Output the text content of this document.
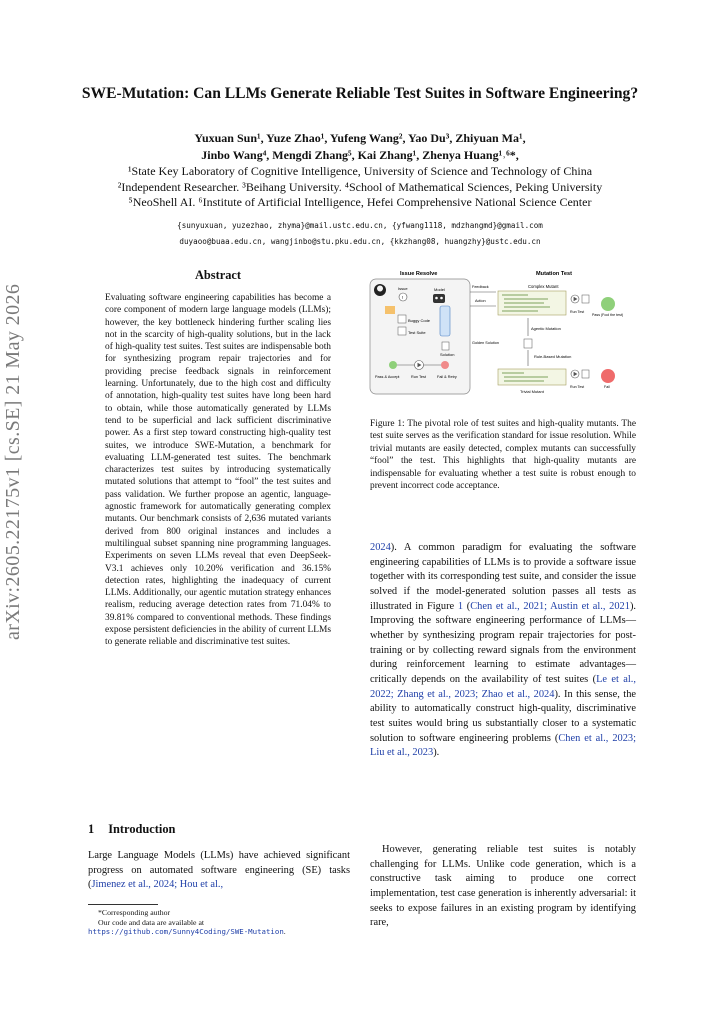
arXiv:2605.22175v1 [cs.SE] 21 May 2026
SWE-Mutation: Can LLMs Generate Reliable Test Suites in Software Engineering?
Yuxuan Sun¹, Yuze Zhao¹, Yufeng Wang², Yao Du³, Zhiyuan Ma¹,
Jinbo Wang⁴, Mengdi Zhang⁵, Kai Zhang¹, Zhenya Huang¹˒⁶*,
¹State Key Laboratory of Cognitive Intelligence, University of Science and Technology of China
²Independent Researcher. ³Beihang University. ⁴School of Mathematical Sciences, Peking University
⁵NeoShell AI. ⁶Institute of Artificial Intelligence, Hefei Comprehensive National Science Center
{sunyuxuan, yuzezhao, zhyma}@mail.ustc.edu.cn, {yfwang1118, mdzhangmd}@gmail.com
duyaoo@buaa.edu.cn, wangjinbo@stu.pku.edu.cn, {kkzhang08, huangzhy}@ustc.edu.cn
Abstract
Evaluating software engineering capabilities has become a core component of modern large language models (LLMs); however, the key bottleneck hindering further scaling lies not in the scarcity of high-quality solutions, but in the lack of high-quality test suites. Test suites are indispensable both for synthesizing program repair trajectories and for providing precise feedback signals in reinforcement learning. Unfortunately, due to the high cost and difficulty of annotation, high-quality test suites have long been hard to obtain, while those automatically generated by LLMs tend to be superficial and lack sufficient discriminative power. As a first step toward constructing high-quality test suites, we introduce SWE-Mutation, a benchmark for evaluating LLM-generated test suites. The benchmark characterizes test suites by introducing systematically mutated solutions that attempt to “fool” the test suites and pass validation. We further propose an agentic, language-agnostic framework for automatically generating complex mutants. Our benchmark consists of 2,636 mutated variants derived from 800 original instances and includes a multilingual subset spanning nine programming languages. Experiments on seven LLMs reveal that even DeepSeek-V3.1 achieves only 10.20% verification and 36.15% detection rates, highlighting the inadequacy of current LLMs. Additionally, our agentic mutation strategy enhances realism, reducing average detection rates from 71.04% to 39.81% compared to conventional methods. These findings expose persistent deficiencies in the ability of current LLMs to generate reliable and discriminative test suites.
1 Introduction
Large Language Models (LLMs) have achieved significant progress on automated software engineering (SE) tasks (Jimenez et al., 2024; Hou et al.,
*Corresponding author
Our code and data are available at https://github.com/Sunny4Coding/SWE-Mutation.
Issue Resolve	Mutation Test
!
Issue	Model
Buggy Code
Test Suite
Solution
Pass & Accept	Run Test	Fail & Retry
Feedback
Action
Golden Solution
Complex Mutant
Run Test
Pass (Fool the test)
Agentic Mutation
Rule-Based Mutation
Trivial Mutant
Run Test	Fail
Figure 1: The pivotal role of test suites and high-quality mutants. The test suite serves as the verification standard for issue resolution. While trivial mutants are easily detected, complex mutants can successfully “fool” the test. This highlights that high-quality mutants are indispensable for evaluating whether a test suite is robust enough to prevent incorrect code acceptance.
2024). A common paradigm for evaluating the software engineering capabilities of LLMs is to provide a software issue together with its corresponding test suite, and consider the issue solved if the model-generated solution passes all tests as illustrated in Figure 1 (Chen et al., 2021; Austin et al., 2021). Improving the software engineering performance of LLMs—whether by synthesizing program repair trajectories for post-training or by collecting reward signals from the environment during reinforcement learning to estimate advantages—critically depends on the availability of test suites (Le et al., 2022; Zhang et al., 2023; Zhao et al., 2024). In this sense, the ability to automatically construct high-quality, discriminative test suites would bring us substantially closer to a systematic solution to software engineering problems (Chen et al., 2023; Liu et al., 2023).
However, generating reliable test suites is notably challenging for LLMs. Unlike code generation, which is a constructive task aiming to produce one correct implementation, test case generation is inherently adversarial: it seeks to expose failures in an existing program by identifying rare,
